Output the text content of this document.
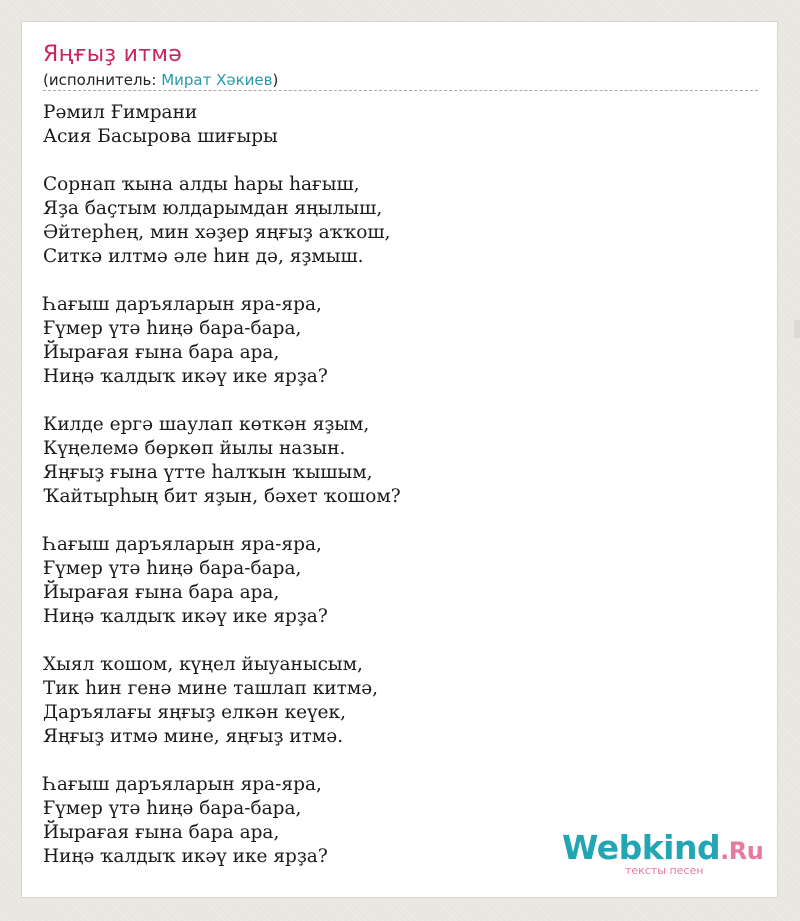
Яңғыҙ итмә
(исполнитель: Мират Хәкиев)
Рәмил Ғимрани
Асия Басырова шиғыры
Сорнап ҡына алды һары һағыш,
Яҙа баҫтым юлдарымдан яңылыш,
Әйтерһең, мин хәҙер яңғыҙ аҡҡош,
Ситкә илтмә әле һин дә, яҙмыш.
Һағыш даръяларын яра-яра,
Ғүмер үтә һиңә бара-бара,
Йырағая ғына бара ара,
Ниңә ҡалдыҡ икәү ике ярҙа?
Килде ергә шаулап көткән яҙым,
Күңелемә бөркөп йылы назын.
Яңғыҙ ғына үтте һалҡын ҡышым,
Ҡайтырһың бит яҙын, бәхет ҡошом?
Һағыш даръяларын яра-яра,
Ғүмер үтә һиңә бара-бара,
Йырағая ғына бара ара,
Ниңә ҡалдыҡ икәү ике ярҙа?
Хыял ҡошом, күңел йыуанысым,
Тик һин генә мине ташлап китмә,
Даръялағы яңғыҙ елкән кеүек,
Яңғыҙ итмә мине, яңғыҙ итмә.
Һағыш даръяларын яра-яра,
Ғүмер үтә һиңә бара-бара,
Йырағая ғына бара ара,
Ниңә ҡалдыҡ икәү ике ярҙа?	Webkind.Ru
тексты песен
